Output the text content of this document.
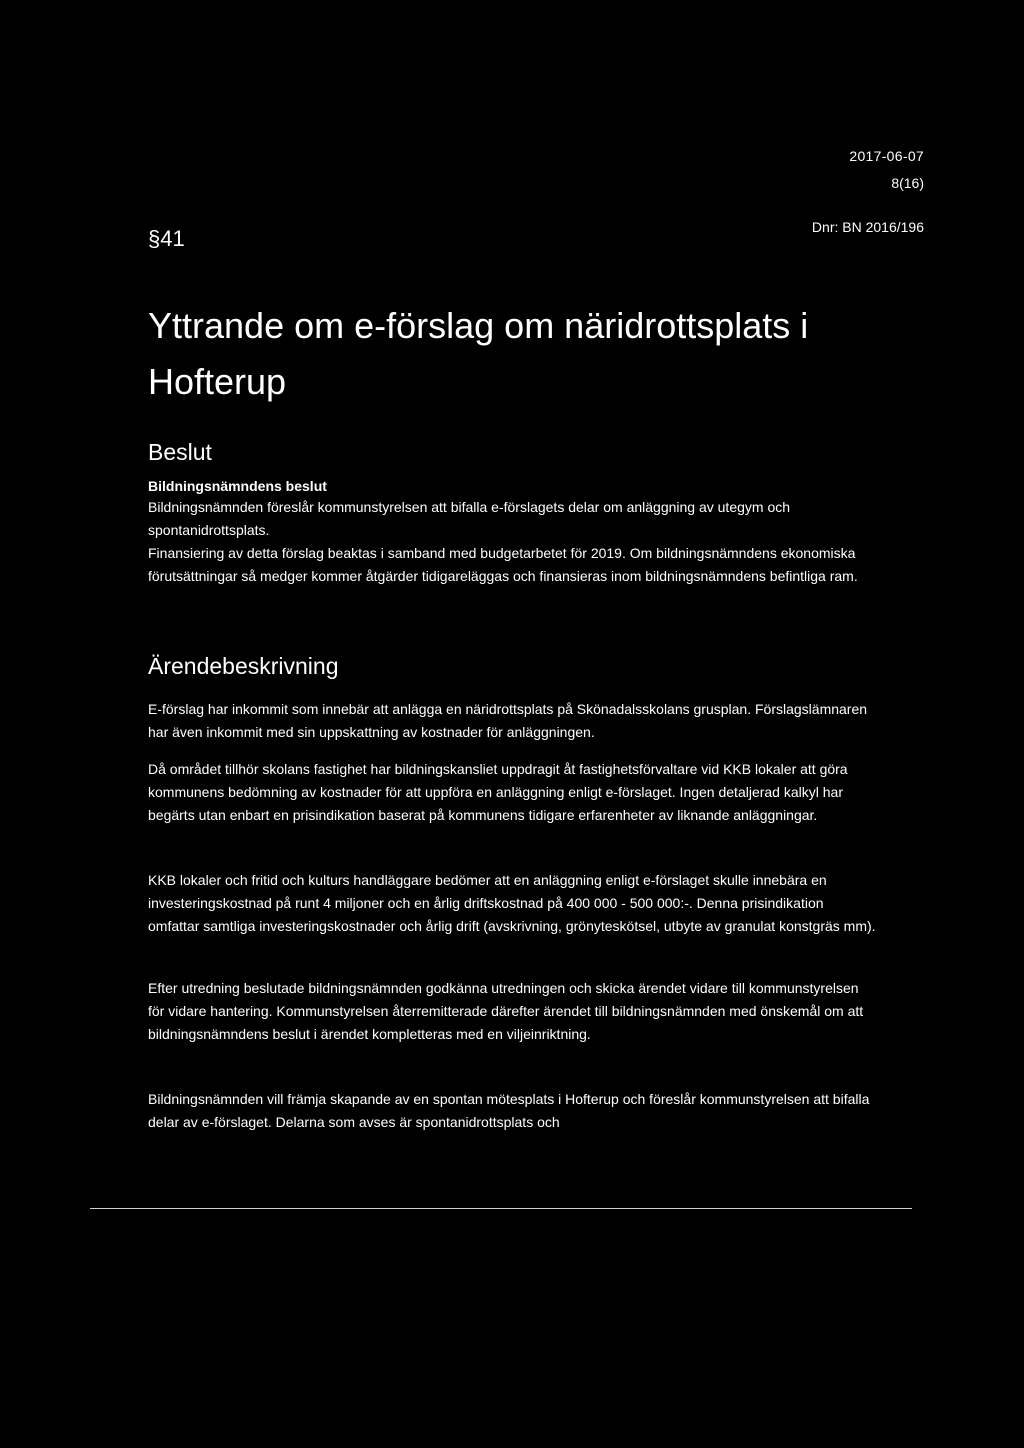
2017-06-07
8(16)
§41	Dnr: BN 2016/196
Yttrande om e-förslag om näridrottsplats i Hofterup
Beslut
Bildningsnämndens beslut

Bildningsnämnden föreslår kommunstyrelsen att bifalla e-förslagets delar om anläggning av utegym och spontanidrottsplats.

Finansiering av detta förslag beaktas i samband med budgetarbetet för 2019. Om bildningsnämndens ekonomiska förutsättningar så medger kommer åtgärder tidigareläggas och finansieras inom bildningsnämndens befintliga ram.

Ärendebeskrivning

E-förslag har inkommit som innebär att anlägga en näridrottsplats på Skönadalsskolans grusplan. Förslagslämnaren har även inkommit med sin uppskattning av kostnader för anläggningen.

Då området tillhör skolans fastighet har bildningskansliet uppdragit åt fastighetsförvaltare vid KKB lokaler att göra kommunens bedömning av kostnader för att uppföra en anläggning enligt e-förslaget. Ingen detaljerad kalkyl har begärts utan enbart en prisindikation baserat på kommunens tidigare erfarenheter av liknande anläggningar.

KKB lokaler och fritid och kulturs handläggare bedömer att en anläggning enligt e-förslaget skulle innebära en investeringskostnad på runt 4 miljoner och en årlig driftskostnad på 400 000 - 500 000:-. Denna prisindikation omfattar samtliga investeringskostnader och årlig drift (avskrivning, grönyteskötsel, utbyte av granulat konstgräs mm).

Efter utredning beslutade bildningsnämnden godkänna utredningen och skicka ärendet vidare till kommunstyrelsen för vidare hantering. Kommunstyrelsen återremitterade därefter ärendet till bildningsnämnden med önskemål om att bildningsnämndens beslut i ärendet kompletteras med en viljeinriktning.

Bildningsnämnden vill främja skapande av en spontan mötesplats i Hofterup och föreslår kommunstyrelsen att bifalla delar av e-förslaget. Delarna som avses är spontanidrottsplats och
